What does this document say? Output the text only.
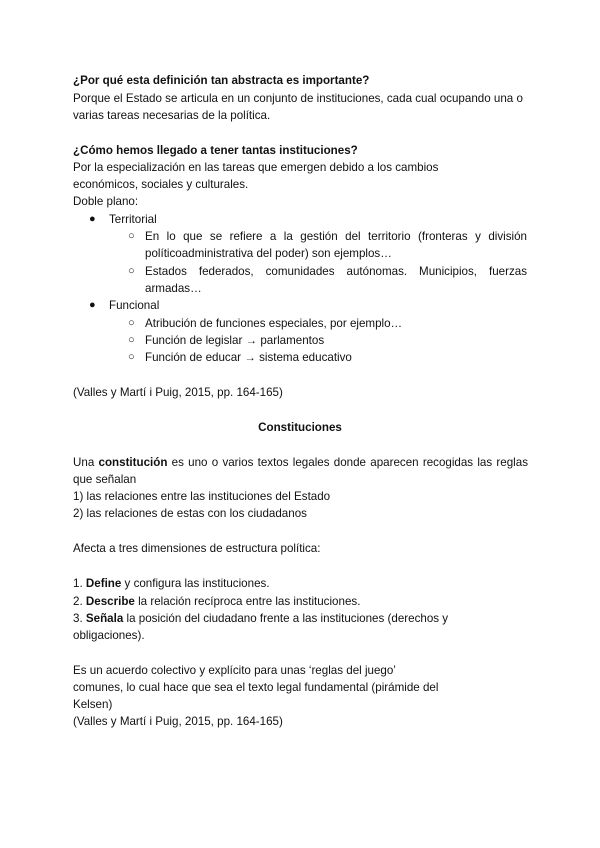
¿Por qué esta definición tan abstracta es importante?
Porque el Estado se articula en un conjunto de instituciones, cada cual ocupando una o
varias tareas necesarias de la política.
¿Cómo hemos llegado a tener tantas instituciones?
Por la especialización en las tareas que emergen debido a los cambios
económicos, sociales y culturales.
Doble plano:
● Territorial
○ En lo que se refiere a la gestión del territorio (fronteras y división
políticoadministrativa del poder) son ejemplos…
○ Estados federados, comunidades autónomas. Municipios, fuerzas
armadas…
● Funcional
○ Atribución de funciones especiales, por ejemplo…
○ Función de legislar → parlamentos
○ Función de educar → sistema educativo
(Valles y Martí i Puig, 2015, pp. 164-165)
Constituciones
Una constitución es uno o varios textos legales donde aparecen recogidas las reglas
que señalan
1) las relaciones entre las instituciones del Estado
2) las relaciones de estas con los ciudadanos
Afecta a tres dimensiones de estructura política:
1. Define y configura las instituciones.
2. Describe la relación recíproca entre las instituciones.
3. Señala la posición del ciudadano frente a las instituciones (derechos y
obligaciones).
Es un acuerdo colectivo y explícito para unas ‘reglas del juego’
comunes, lo cual hace que sea el texto legal fundamental (pirámide del
Kelsen)
(Valles y Martí i Puig, 2015, pp. 164-165)
